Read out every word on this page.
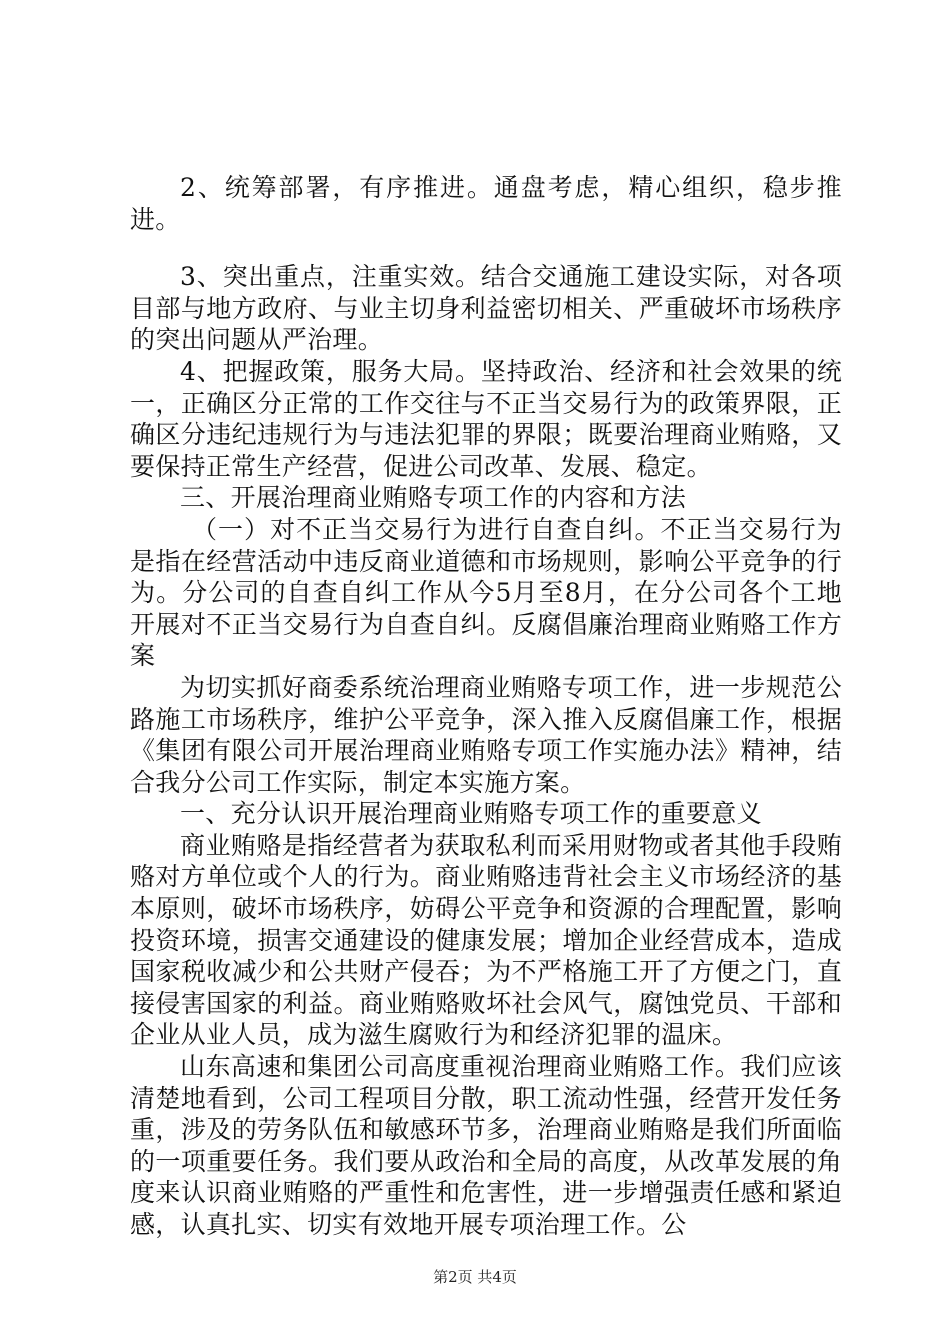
2、统筹部署，有序推进。通盘考虑，精心组织，稳步推进。

3、突出重点，注重实效。结合交通施工建设实际，对各项目部与地方政府、与业主切身利益密切相关、严重破坏市场秩序的突出问题从严治理。

4、把握政策，服务大局。坚持政治、经济和社会效果的统一，正确区分正常的工作交往与不正当交易行为的政策界限，正确区分违纪违规行为与违法犯罪的界限；既要治理商业贿赂，又要保持正常生产经营，促进公司改革、发展、稳定。

三、开展治理商业贿赂专项工作的内容和方法

（一）对不正当交易行为进行自查自纠。不正当交易行为是指在经营活动中违反商业道德和市场规则，影响公平竞争的行为。分公司的自查自纠工作从今5月至8月，在分公司各个工地开展对不正当交易行为自查自纠。反腐倡廉治理商业贿赂工作方案

为切实抓好商委系统治理商业贿赂专项工作，进一步规范公路施工市场秩序，维护公平竞争，深入推入反腐倡廉工作，根据《集团有限公司开展治理商业贿赂专项工作实施办法》精神，结合我分公司工作实际，制定本实施方案。

一、充分认识开展治理商业贿赂专项工作的重要意义

商业贿赂是指经营者为获取私利而采用财物或者其他手段贿赂对方单位或个人的行为。商业贿赂违背社会主义市场经济的基本原则，破坏市场秩序，妨碍公平竞争和资源的合理配置，影响投资环境，损害交通建设的健康发展；增加企业经营成本，造成国家税收减少和公共财产侵吞；为不严格施工开了方便之门，直接侵害国家的利益。商业贿赂败坏社会风气，腐蚀党员、干部和企业从业人员，成为滋生腐败行为和经济犯罪的温床。

山东高速和集团公司高度重视治理商业贿赂工作。我们应该清楚地看到，公司工程项目分散，职工流动性强，经营开发任务重，涉及的劳务队伍和敏感环节多，治理商业贿赂是我们所面临的一项重要任务。我们要从政治和全局的高度，从改革发展的角度来认识商业贿赂的严重性和危害性，进一步增强责任感和紧迫感，认真扎实、切实有效地开展专项治理工作。公

第2页 共4页
